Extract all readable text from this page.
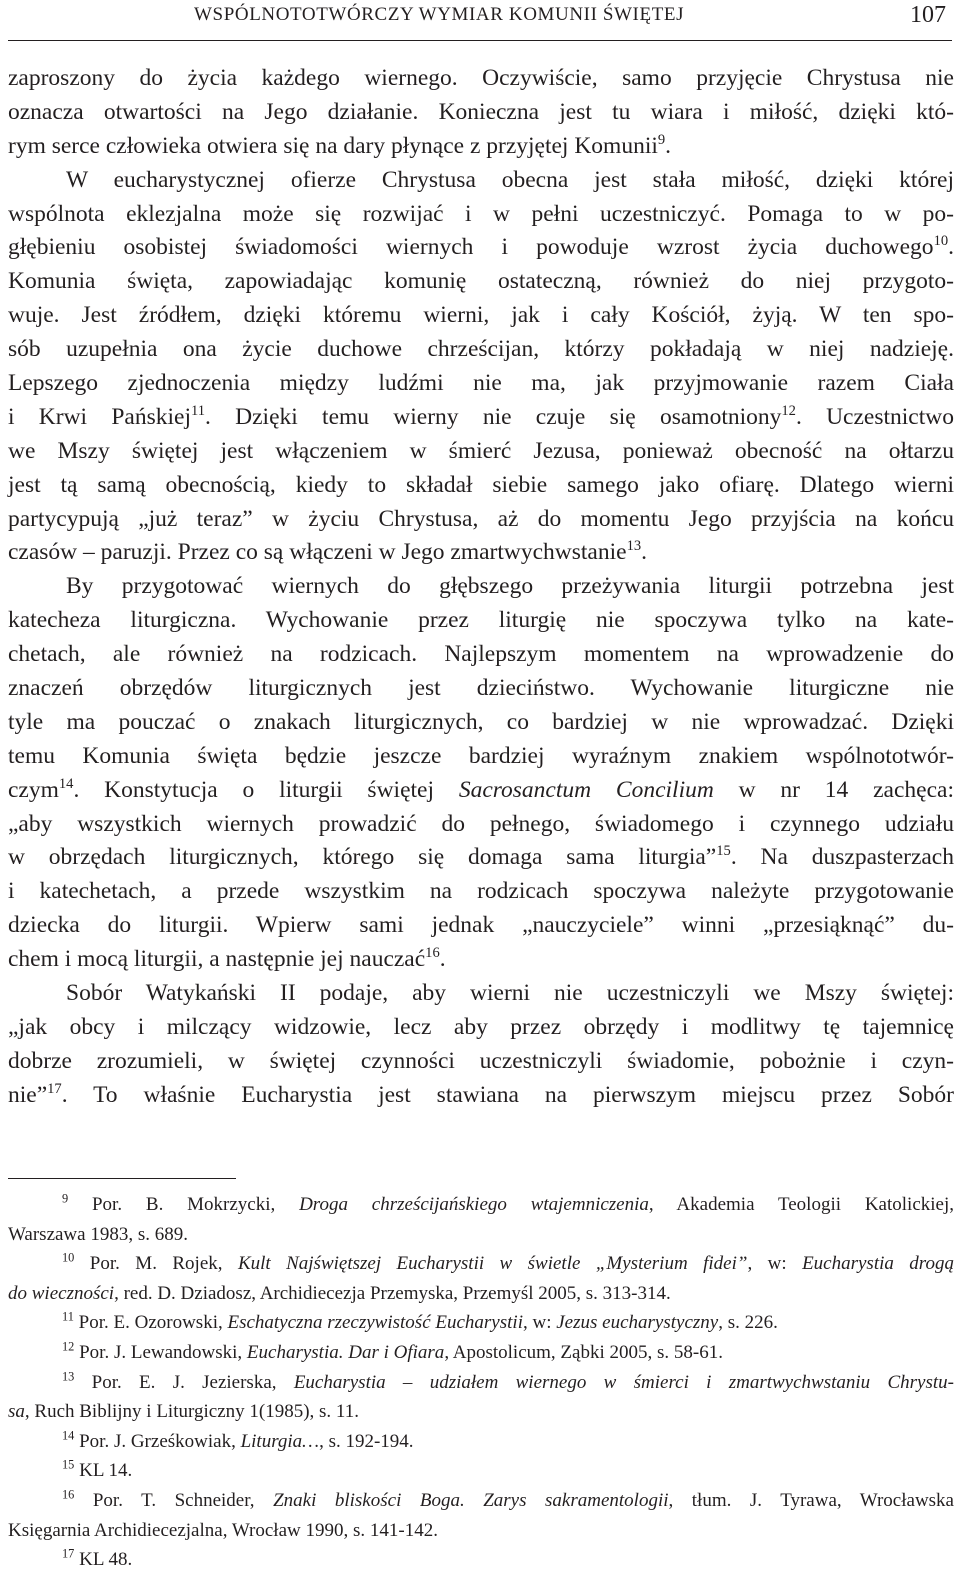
WSPÓLNOTOTWÓRCZY WYMIAR KOMUNII ŚWIĘTEJ	107
zaproszony do życia każdego wiernego. Oczywiście, samo przyjęcie Chrystusa nie
oznacza otwartości na Jego działanie. Konieczna jest tu wiara i miłość, dzięki któ-
rym serce człowieka otwiera się na dary płynące z przyjętej Komunii$^9$.
W eucharystycznej ofierze Chrystusa obecna jest stała miłość, dzięki której
wspólnota eklezjalna może się rozwijać i w pełni uczestniczyć. Pomaga to w po-
głębieniu osobistej świadomości wiernych i powoduje wzrost życia duchowego$^{10}$.
Komunia święta, zapowiadając komunię ostateczną, również do niej przygoto-
wuje. Jest źródłem, dzięki któremu wierni, jak i cały Kościół, żyją. W ten spo-
sób uzupełnia ona życie duchowe chrześcijan, którzy pokładają w niej nadzieję.
Lepszego zjednoczenia między ludźmi nie ma, jak przyjmowanie razem Ciała
i Krwi Pańskiej$^{11}$. Dzięki temu wierny nie czuje się osamotniony$^{12}$. Uczestnictwo
we Mszy świętej jest włączeniem w śmierć Jezusa, ponieważ obecność na ołtarzu
jest tą samą obecnością, kiedy to składał siebie samego jako ofiarę. Dlatego wierni
partycypują „już teraz” w życiu Chrystusa, aż do momentu Jego przyjścia na końcu
czasów – paruzji. Przez co są włączeni w Jego zmartwychwstanie$^{13}$.
By przygotować wiernych do głębszego przeżywania liturgii potrzebna jest
katecheza liturgiczna. Wychowanie przez liturgię nie spoczywa tylko na kate-
chetach, ale również na rodzicach. Najlepszym momentem na wprowadzenie do
znaczeń obrzędów liturgicznych jest dzieciństwo. Wychowanie liturgiczne nie
tyle ma pouczać o znakach liturgicznych, co bardziej w nie wprowadzać. Dzięki
temu Komunia święta będzie jeszcze bardziej wyraźnym znakiem wspólnototwór-
czym$^{14}$. Konstytucja o liturgii świętej Sacrosanctum Concilium w nr 14 zachęca:
„aby wszystkich wiernych prowadzić do pełnego, świadomego i czynnego udziału
w obrzędach liturgicznych, którego się domaga sama liturgia”$^{15}$. Na duszpasterzach
i katechetach, a przede wszystkim na rodzicach spoczywa należyte przygotowanie
dziecka do liturgii. Wpierw sami jednak „nauczyciele” winni „przesiąknąć” du-
chem i mocą liturgii, a następnie jej nauczać$^{16}$.
Sobór Watykański II podaje, aby wierni nie uczestniczyli we Mszy świętej:
„jak obcy i milczący widzowie, lecz aby przez obrzędy i modlitwy tę tajemnicę
dobrze zrozumieli, w świętej czynności uczestniczyli świadomie, pobożnie i czyn-
nie”$^{17}$. To właśnie Eucharystia jest stawiana na pierwszym miejscu przez Sobór
$^9$ Por. B. Mokrzycki, Droga chrześcijańskiego wtajemniczenia, Akademia Teologii Katolickiej,
Warszawa 1983, s. 689.
$^{10}$ Por. M. Rojek, Kult Najświętszej Eucharystii w świetle „Mysterium fidei”, w: Eucharystia drogą
do wieczności, red. D. Dziadosz, Archidiecezja Przemyska, Przemyśl 2005, s. 313-314.
$^{11}$ Por. E. Ozorowski, Eschatyczna rzeczywistość Eucharystii, w: Jezus eucharystyczny, s. 226.
$^{12}$ Por. J. Lewandowski, Eucharystia. Dar i Ofiara, Apostolicum, Ząbki 2005, s. 58-61.
$^{13}$ Por. E. J. Jezierska, Eucharystia – udziałem wiernego w śmierci i zmartwychwstaniu Chrystu-
sa, Ruch Biblijny i Liturgiczny 1(1985), s. 11.
$^{14}$ Por. J. Grześkowiak, Liturgia…, s. 192-194.
$^{15}$ KL 14.
$^{16}$ Por. T. Schneider, Znaki bliskości Boga. Zarys sakramentologii, tłum. J. Tyrawa, Wrocławska
Księgarnia Archidiecezjalna, Wrocław 1990, s. 141-142.
$^{17}$ KL 48.
